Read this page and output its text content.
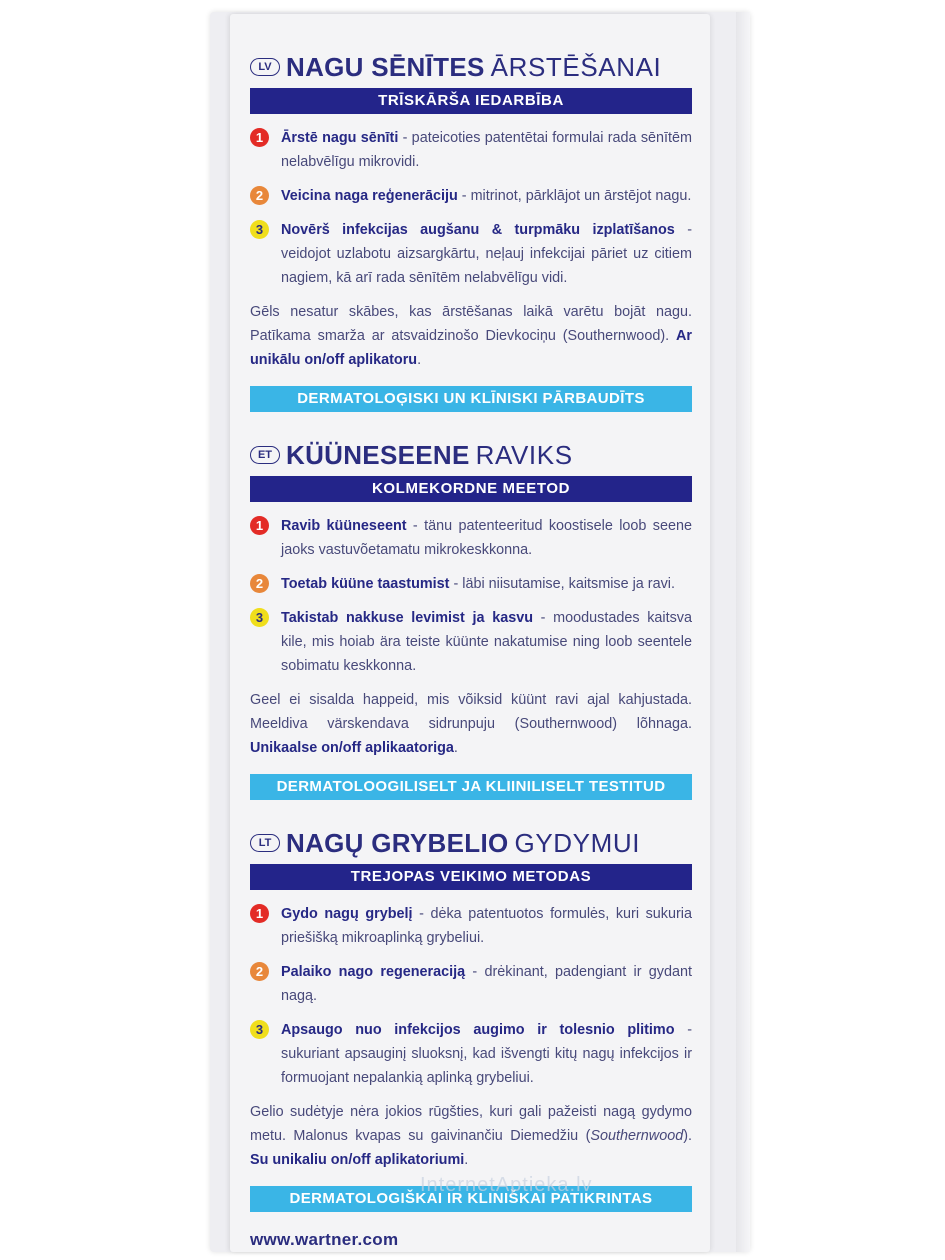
LV NAGU SĒNĪTES ĀRSTĒŠANAI
TRĪSKĀRŠA IEDARBĪBA
1	Ārstē nagu sēnīti - pateicoties patentētai formulai rada sēnītēm nelabvēlīgu mikrovidi.
2	Veicina naga reģenerāciju - mitrinot, pārklājot un ārstējot nagu.
3	Novērš infekcijas augšanu & turpmāku izplatīšanos - veidojot uzlabotu aizsargkārtu, neļauj infekcijai pāriet uz citiem nagiem, kā arī rada sēnītēm nelabvēlīgu vidi.
Gēls nesatur skābes, kas ārstēšanas laikā varētu bojāt nagu. Patīkama smarža ar atsvaidzinošo Dievkociņu (Southernwood). Ar unikālu on/off aplikatoru.
DERMATOLOĢISKI UN KLĪNISKI PĀRBAUDĪTS
ET KÜÜNESEENE RAVIKS
KOLMEKORDNE MEETOD
1	Ravib küüneseent - tänu patenteeritud koostisele loob seene jaoks vastuvõetamatu mikrokeskkonna.
2	Toetab küüne taastumist - läbi niisutamise, kaitsmise ja ravi.
3	Takistab nakkuse levimist ja kasvu - moodustades kaitsva kile, mis hoiab ära teiste küünte nakatumise ning loob seentele sobimatu keskkonna.
Geel ei sisalda happeid, mis võiksid küünt ravi ajal kahjustada. Meeldiva värskendava sidrunpuju (Southernwood) lõhnaga. Unikaalse on/off aplikaatoriga.
DERMATOLOOGILISELT JA KLIINILISELT TESTITUD
LT NAGŲ GRYBELIO GYDYMUI
TREJOPAS VEIKIMO METODAS
1	Gydo nagų grybelį - dėka patentuotos formulės, kuri sukuria priešišką mikroaplinką grybeliui.
2	Palaiko nago regeneraciją - drėkinant, padengiant ir gydant nagą.
3	Apsaugo nuo infekcijos augimo ir tolesnio plitimo - sukuriant apsauginį sluoksnį, kad išvengti kitų nagų infekcijos ir formuojant nepalankią aplinką grybeliui.
Gelio sudėtyje nėra jokios rūgšties, kuri gali pažeisti nagą gydymo metu. Malonus kvapas su gaivinančiu Diemedžiu (Southernwood). Su unikaliu on/off aplikatoriumi.
DERMATOLOGIŠKAI IR KLINIŠKAI PATIKRINTAS
www.wartner.com
InternetAptieka.lv
